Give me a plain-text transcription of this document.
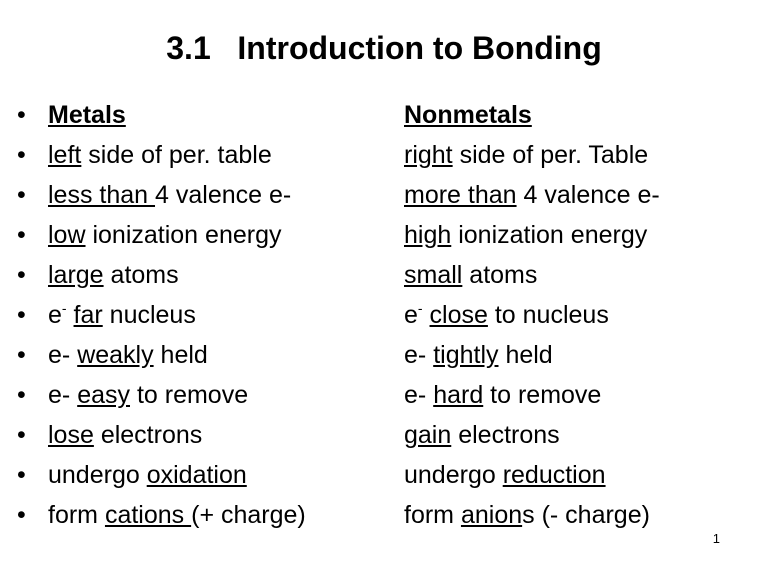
3.1   Introduction to Bonding
• Metals	Nonmetals
• left side of per. table	right side of per. Table
• less than 4 valence e-	more than 4 valence e-
• low ionization energy	high ionization energy
• large atoms	small atoms
• e- far nucleus	e- close to nucleus
• e- weakly held	e- tightly held
• e- easy to remove	e- hard to remove
• lose electrons	gain electrons
• undergo oxidation	undergo reduction
• form cations (+ charge)	form anions (- charge)
1
